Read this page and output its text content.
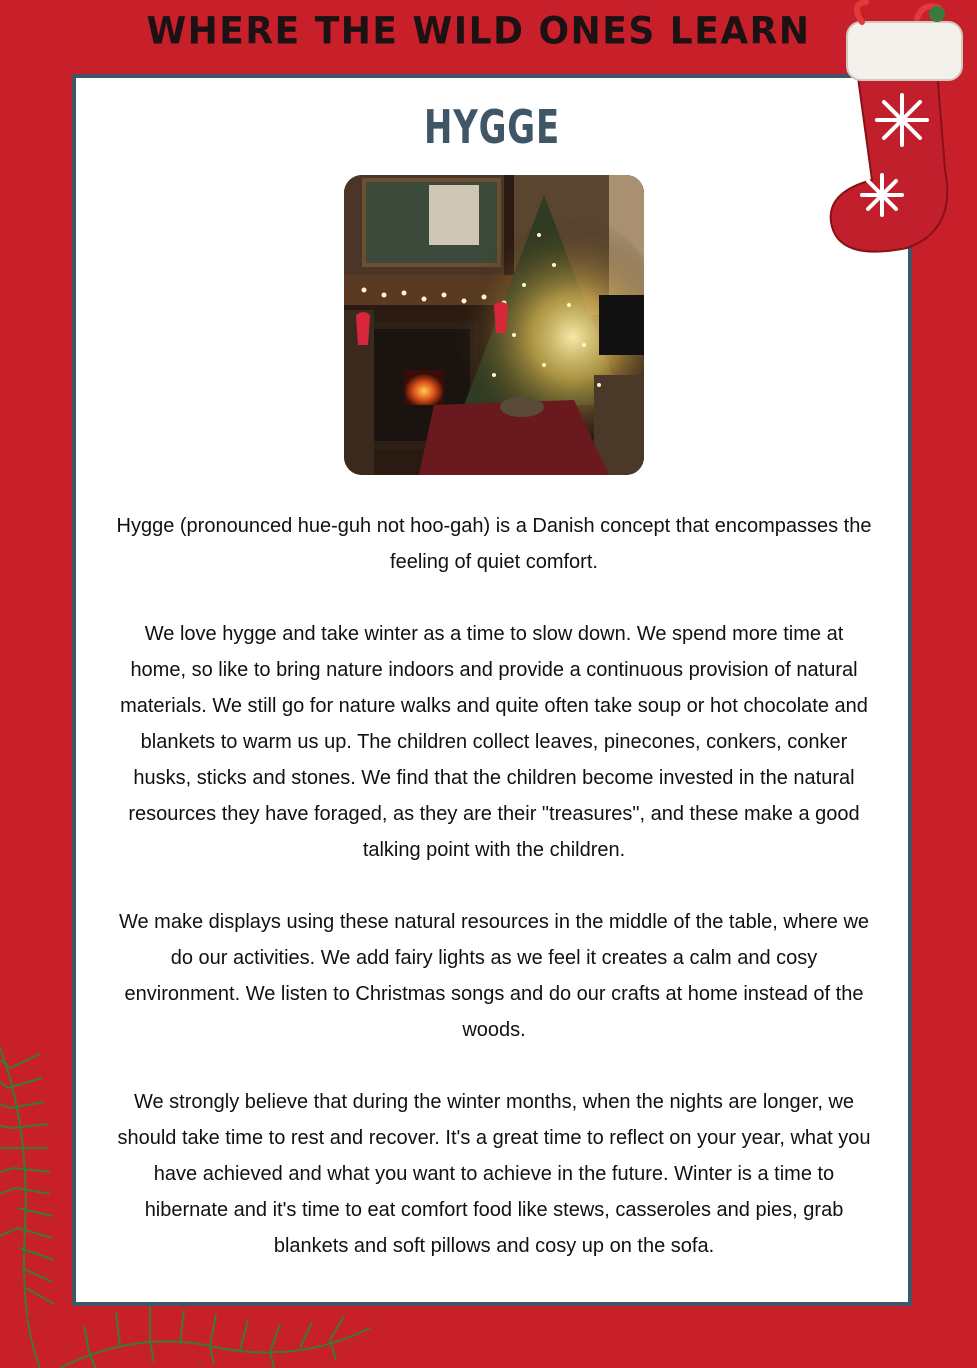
WHERE THE WILD ONES LEARN
HYGGE

Hygge (pronounced hue-guh not hoo-gah) is a Danish concept that encompasses the feeling of quiet comfort.

We love hygge and take winter as a time to slow down. We spend more time at home, so like to bring nature indoors and provide a continuous provision of natural materials. We still go for nature walks and quite often take soup or hot chocolate and blankets to warm us up. The children collect leaves, pinecones, conkers, conker husks, sticks and stones. We find that the children become invested in the natural resources they have foraged, as they are their "treasures", and these make a good talking point with the children.

We make displays using these natural resources in the middle of the table, where we do our activities. We add fairy lights as we feel it creates a calm and cosy environment. We listen to Christmas songs and do our crafts at home instead of the woods.

We strongly believe that during the winter months, when the nights are longer, we should take time to rest and recover. It's a great time to reflect on your year, what you have achieved and what you want to achieve in the future. Winter is a time to hibernate and it's time to eat comfort food like stews, casseroles and pies, grab blankets and soft pillows and cosy up on the sofa.
